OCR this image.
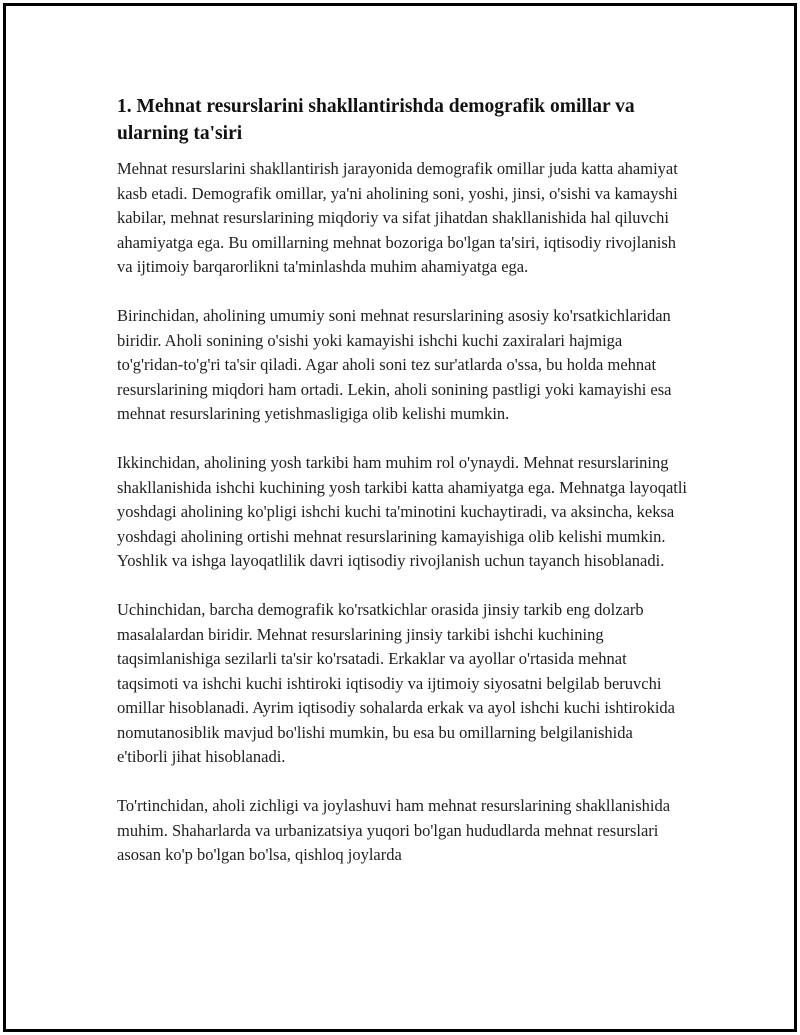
1. Mehnat resurslarini shakllantirishda demografik omillar va ularning ta'siri

Mehnat resurslarini shakllantirish jarayonida demografik omillar juda katta ahamiyat kasb etadi. Demografik omillar, ya'ni aholining soni, yoshi, jinsi, o'sishi va kamayshi kabilar, mehnat resurslarining miqdoriy va sifat jihatdan shakllanishida hal qiluvchi ahamiyatga ega. Bu omillarning mehnat bozoriga bo'lgan ta'siri, iqtisodiy rivojlanish va ijtimoiy barqarorlikni ta'minlashda muhim ahamiyatga ega.

Birinchidan, aholining umumiy soni mehnat resurslarining asosiy ko'rsatkichlaridan biridir. Aholi sonining o'sishi yoki kamayishi ishchi kuchi zaxiralari hajmiga to'g'ridan-to'g'ri ta'sir qiladi. Agar aholi soni tez sur'atlarda o'ssa, bu holda mehnat resurslarining miqdori ham ortadi. Lekin, aholi sonining pastligi yoki kamayishi esa mehnat resurslarining yetishmasligiga olib kelishi mumkin.

Ikkinchidan, aholining yosh tarkibi ham muhim rol o'ynaydi. Mehnat resurslarining shakllanishida ishchi kuchining yosh tarkibi katta ahamiyatga ega. Mehnatga layoqatli yoshdagi aholining ko'pligi ishchi kuchi ta'minotini kuchaytiradi, va aksincha, keksa yoshdagi aholining ortishi mehnat resurslarining kamayishiga olib kelishi mumkin. Yoshlik va ishga layoqatlilik davri iqtisodiy rivojlanish uchun tayanch hisoblanadi.

Uchinchidan, barcha demografik ko'rsatkichlar orasida jinsiy tarkib eng dolzarb masalalardan biridir. Mehnat resurslarining jinsiy tarkibi ishchi kuchining taqsimlanishiga sezilarli ta'sir ko'rsatadi. Erkaklar va ayollar o'rtasida mehnat taqsimoti va ishchi kuchi ishtiroki iqtisodiy va ijtimoiy siyosatni belgilab beruvchi omillar hisoblanadi. Ayrim iqtisodiy sohalarda erkak va ayol ishchi kuchi ishtirokida nomutanosiblik mavjud bo'lishi mumkin, bu esa bu omillarning belgilanishida e'tiborli jihat hisoblanadi.

To'rtinchidan, aholi zichligi va joylashuvi ham mehnat resurslarining shakllanishida muhim. Shaharlarda va urbanizatsiya yuqori bo'lgan hududlarda mehnat resurslari asosan ko'p bo'lgan bo'lsa, qishloq joylarda
